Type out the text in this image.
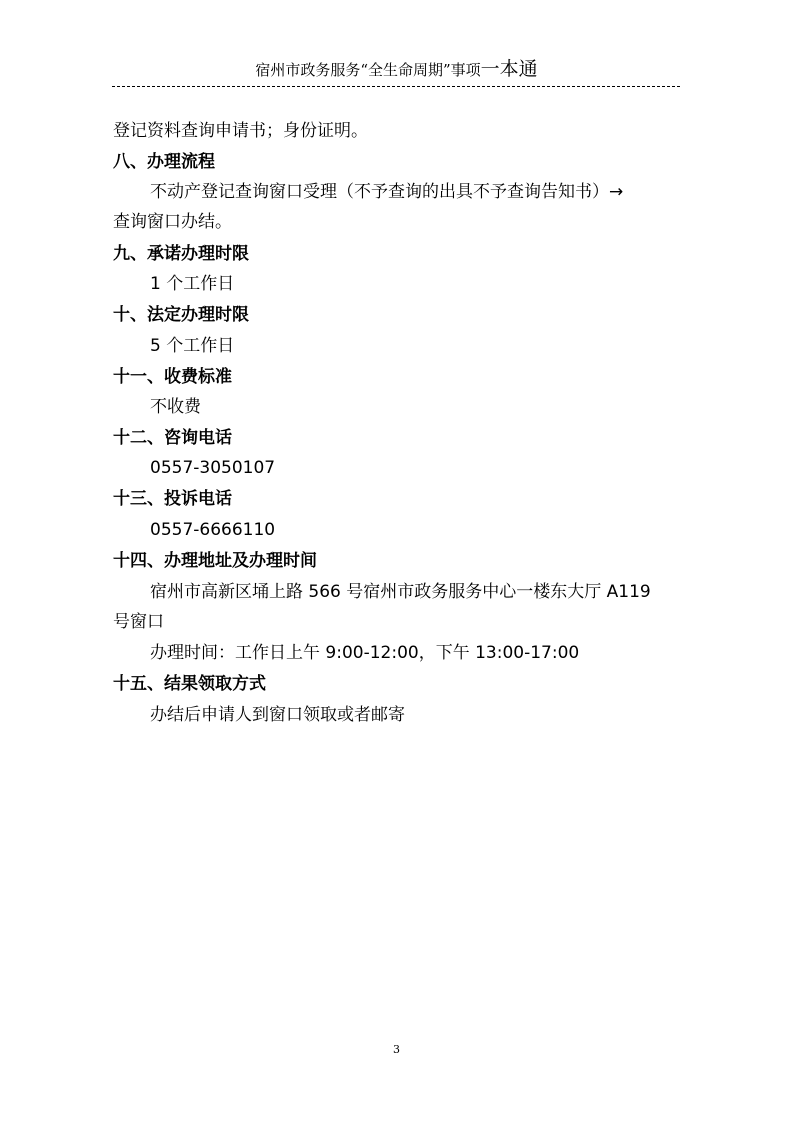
宿州市政务服务“全生命周期”事项一本通
登记资料查询申请书；身份证明。
八、办理流程
不动产登记查询窗口受理（不予查询的出具不予查询告知书）→
查询窗口办结。
九、承诺办理时限
1 个工作日
十、法定办理时限
5 个工作日
十一、收费标准
不收费
十二、咨询电话
0557-3050107
十三、投诉电话
0557-6666110
十四、办理地址及办理时间
宿州市高新区埇上路 566 号宿州市政务服务中心一楼东大厅 A119
号窗口
办理时间：工作日上午 9:00-12:00，下午 13:00-17:00
十五、结果领取方式
办结后申请人到窗口领取或者邮寄
3
